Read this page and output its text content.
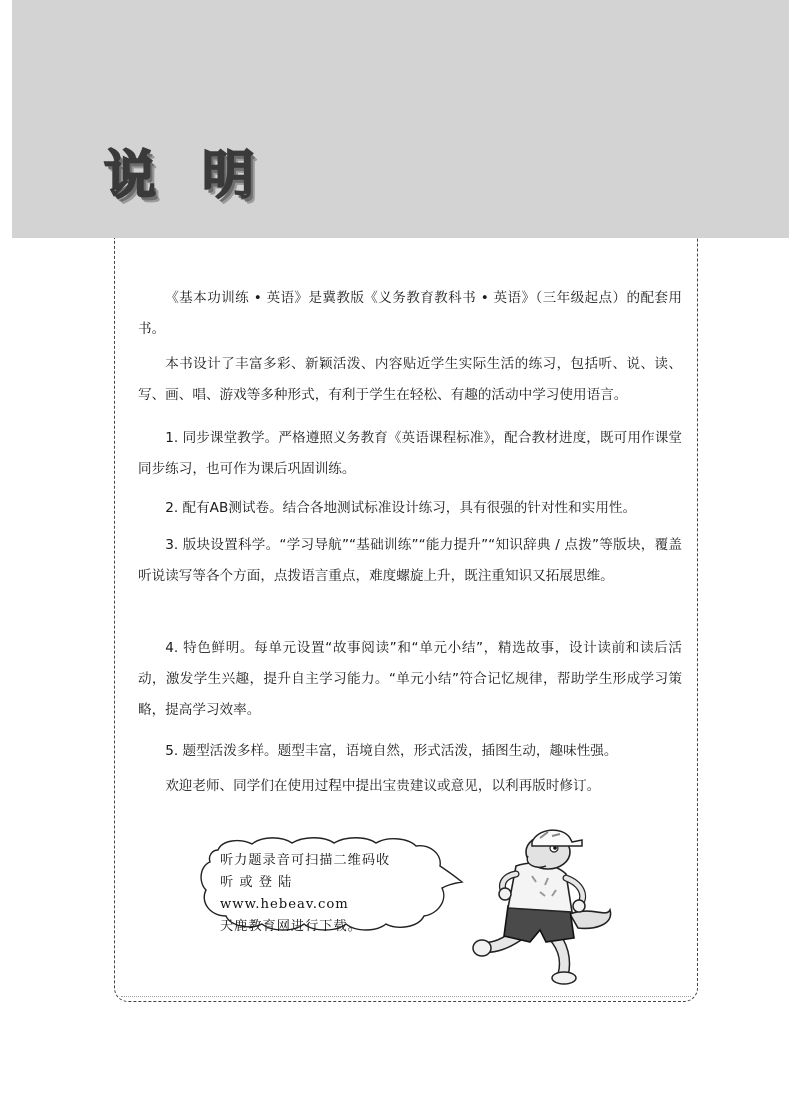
说 明

《基本功训练 • 英语》是冀教版《义务教育教科书 • 英语》（三年级起点）的配套用书。

本书设计了丰富多彩、新颖活泼、内容贴近学生实际生活的练习，包括听、说、读、写、画、唱、游戏等多种形式，有利于学生在轻松、有趣的活动中学习使用语言。

1. 同步课堂教学。严格遵照义务教育《英语课程标准》，配合教材进度，既可用作课堂同步练习，也可作为课后巩固训练。

2. 配有AB测试卷。结合各地测试标准设计练习，具有很强的针对性和实用性。

3. 版块设置科学。“学习导航”“基础训练”“能力提升”“知识辞典 / 点拨”等版块，覆盖听说读写等各个方面，点拨语言重点，难度螺旋上升，既注重知识又拓展思维。

4. 特色鲜明。每单元设置“故事阅读”和“单元小结”，精选故事，设计读前和读后活动，激发学生兴趣，提升自主学习能力。“单元小结”符合记忆规律，帮助学生形成学习策略，提高学习效率。

5. 题型活泼多样。题型丰富，语境自然，形式活泼，插图生动，趣味性强。

欢迎老师、同学们在使用过程中提出宝贵建议或意见，以利再版时修订。

听力题录音可扫描二维码收
听 或 登 陆 www.hebeav.com
天鹿教育网进行下载。
